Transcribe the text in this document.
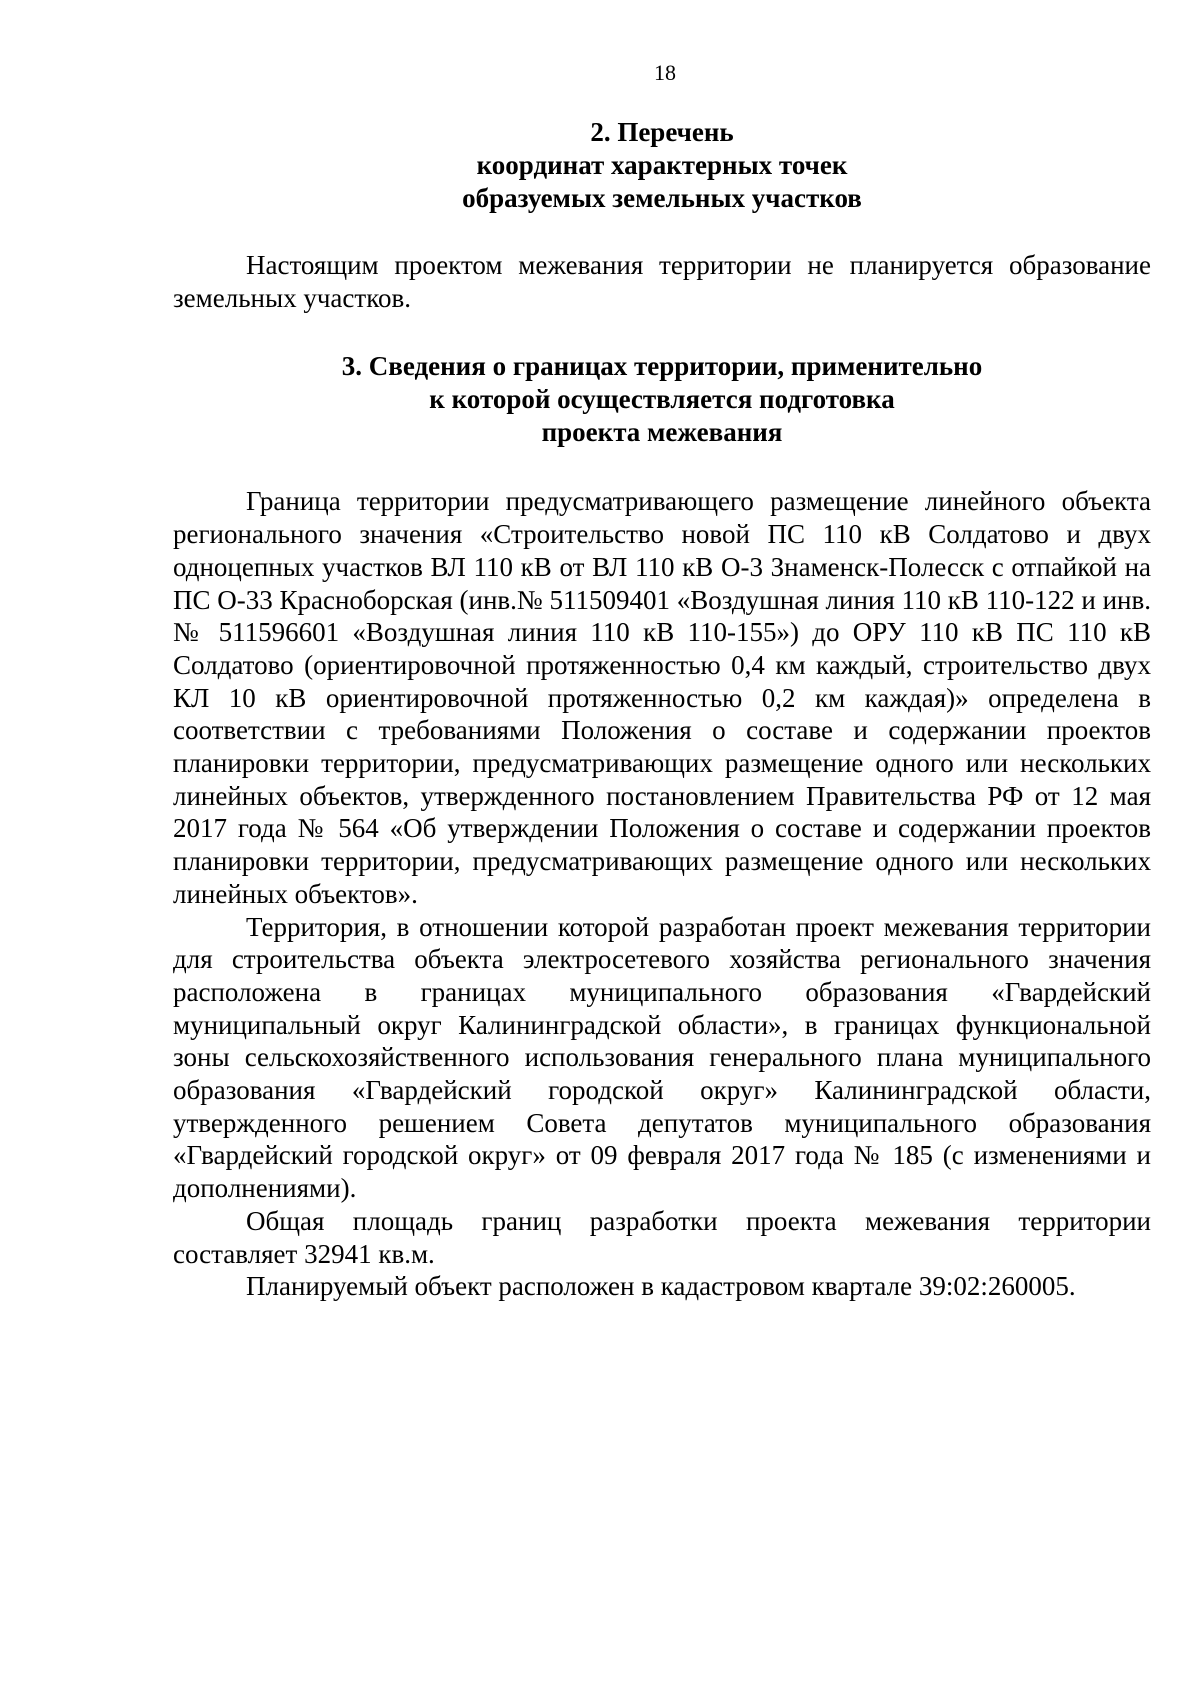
18
2. Перечень
координат характерных точек
образуемых земельных участков

Настоящим проектом межевания территории не планируется образование земельных участков.

3. Сведения о границах территории, применительно
к которой осуществляется подготовка
проекта межевания

Граница территории предусматривающего размещение линейного объекта регионального значения «Строительство новой ПС 110 кВ Солдатово и двух одноцепных участков ВЛ 110 кВ от ВЛ 110 кВ О-3 Знаменск-Полесск с отпайкой на ПС О-33 Красноборская (инв.№ 511509401 «Воздушная линия 110 кВ 110-122 и инв. № 511596601 «Воздушная линия 110 кВ 110-155») до ОРУ 110 кВ ПС 110 кВ Солдатово (ориентировочной протяженностью 0,4 км каждый, строительство двух КЛ 10 кВ ориентировочной протяженностью 0,2 км каждая)» определена в соответствии с требованиями Положения о составе и содержании проектов планировки территории, предусматривающих размещение одного или нескольких линейных объектов, утвержденного постановлением Правительства РФ от 12 мая 2017 года № 564 «Об утверждении Положения о составе и содержании проектов планировки территории, предусматривающих размещение одного или нескольких линейных объектов».

Территория, в отношении которой разработан проект межевания территории для строительства объекта электросетевого хозяйства регионального значения расположена в границах муниципального образования «Гвардейский муниципальный округ Калининградской области», в границах функциональной зоны сельскохозяйственного использования генерального плана муниципального образования «Гвардейский городской округ» Калининградской области, утвержденного решением Совета депутатов муниципального образования «Гвардейский городской округ» от 09 февраля 2017 года № 185 (с изменениями и дополнениями).

Общая площадь границ разработки проекта межевания территории составляет 32941 кв.м.

Планируемый объект расположен в кадастровом квартале 39:02:260005.
